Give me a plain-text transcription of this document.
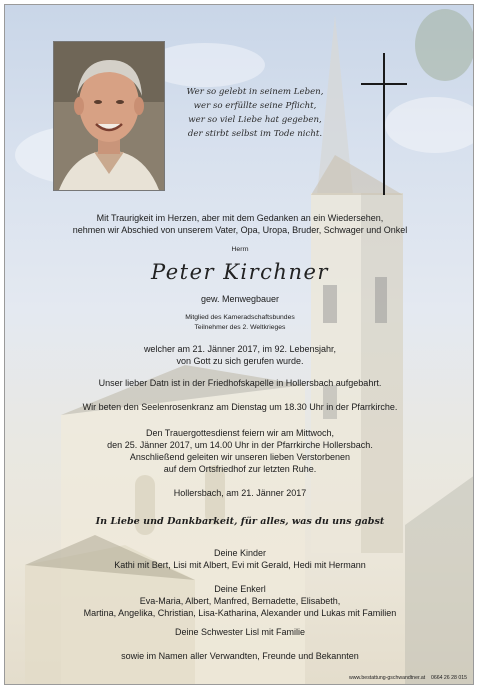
Wer so gelebt in seinem Leben,
wer so erfüllte seine Pflicht,
wer so viel Liebe hat gegeben,
der stirbt selbst im Tode nicht.
Mit Traurigkeit im Herzen, aber mit dem Gedanken an ein Wiedersehen,
nehmen wir Abschied von unserem Vater, Opa, Uropa, Bruder, Schwager und Onkel
Herrn
Peter Kirchner
gew. Menwegbauer
Mitglied des Kameradschaftsbundes
Teilnehmer des 2. Weltkrieges
welcher am 21. Jänner 2017, im 92. Lebensjahr,
von Gott zu sich gerufen wurde.
Unser lieber Datn ist in der Friedhofskapelle in Hollersbach aufgebahrt.
Wir beten den Seelenrosenkranz am Dienstag um 18.30 Uhr in der Pfarrkirche.
Den Trauergottesdienst feiern wir am Mittwoch,
den 25. Jänner 2017, um 14.00 Uhr in der Pfarrkirche Hollersbach.
Anschließend geleiten wir unseren lieben Verstorbenen
auf dem Ortsfriedhof zur letzten Ruhe.
Hollersbach, am 21. Jänner 2017
In Liebe und Dankbarkeit, für alles, was du uns gabst
Deine Kinder
Kathi mit Bert, Lisi mit Albert, Evi mit Gerald, Hedi mit Hermann
Deine Enkerl
Eva-Maria, Albert, Manfred, Bernadette, Elisabeth,
Martina, Angelika, Christian, Lisa-Katharina, Alexander und Lukas mit Familien
Deine Schwester Lisl mit Familie
sowie im Namen aller Verwandten, Freunde und Bekannten
www.bestattung-gschwandtner.at 0664 26 28 015
